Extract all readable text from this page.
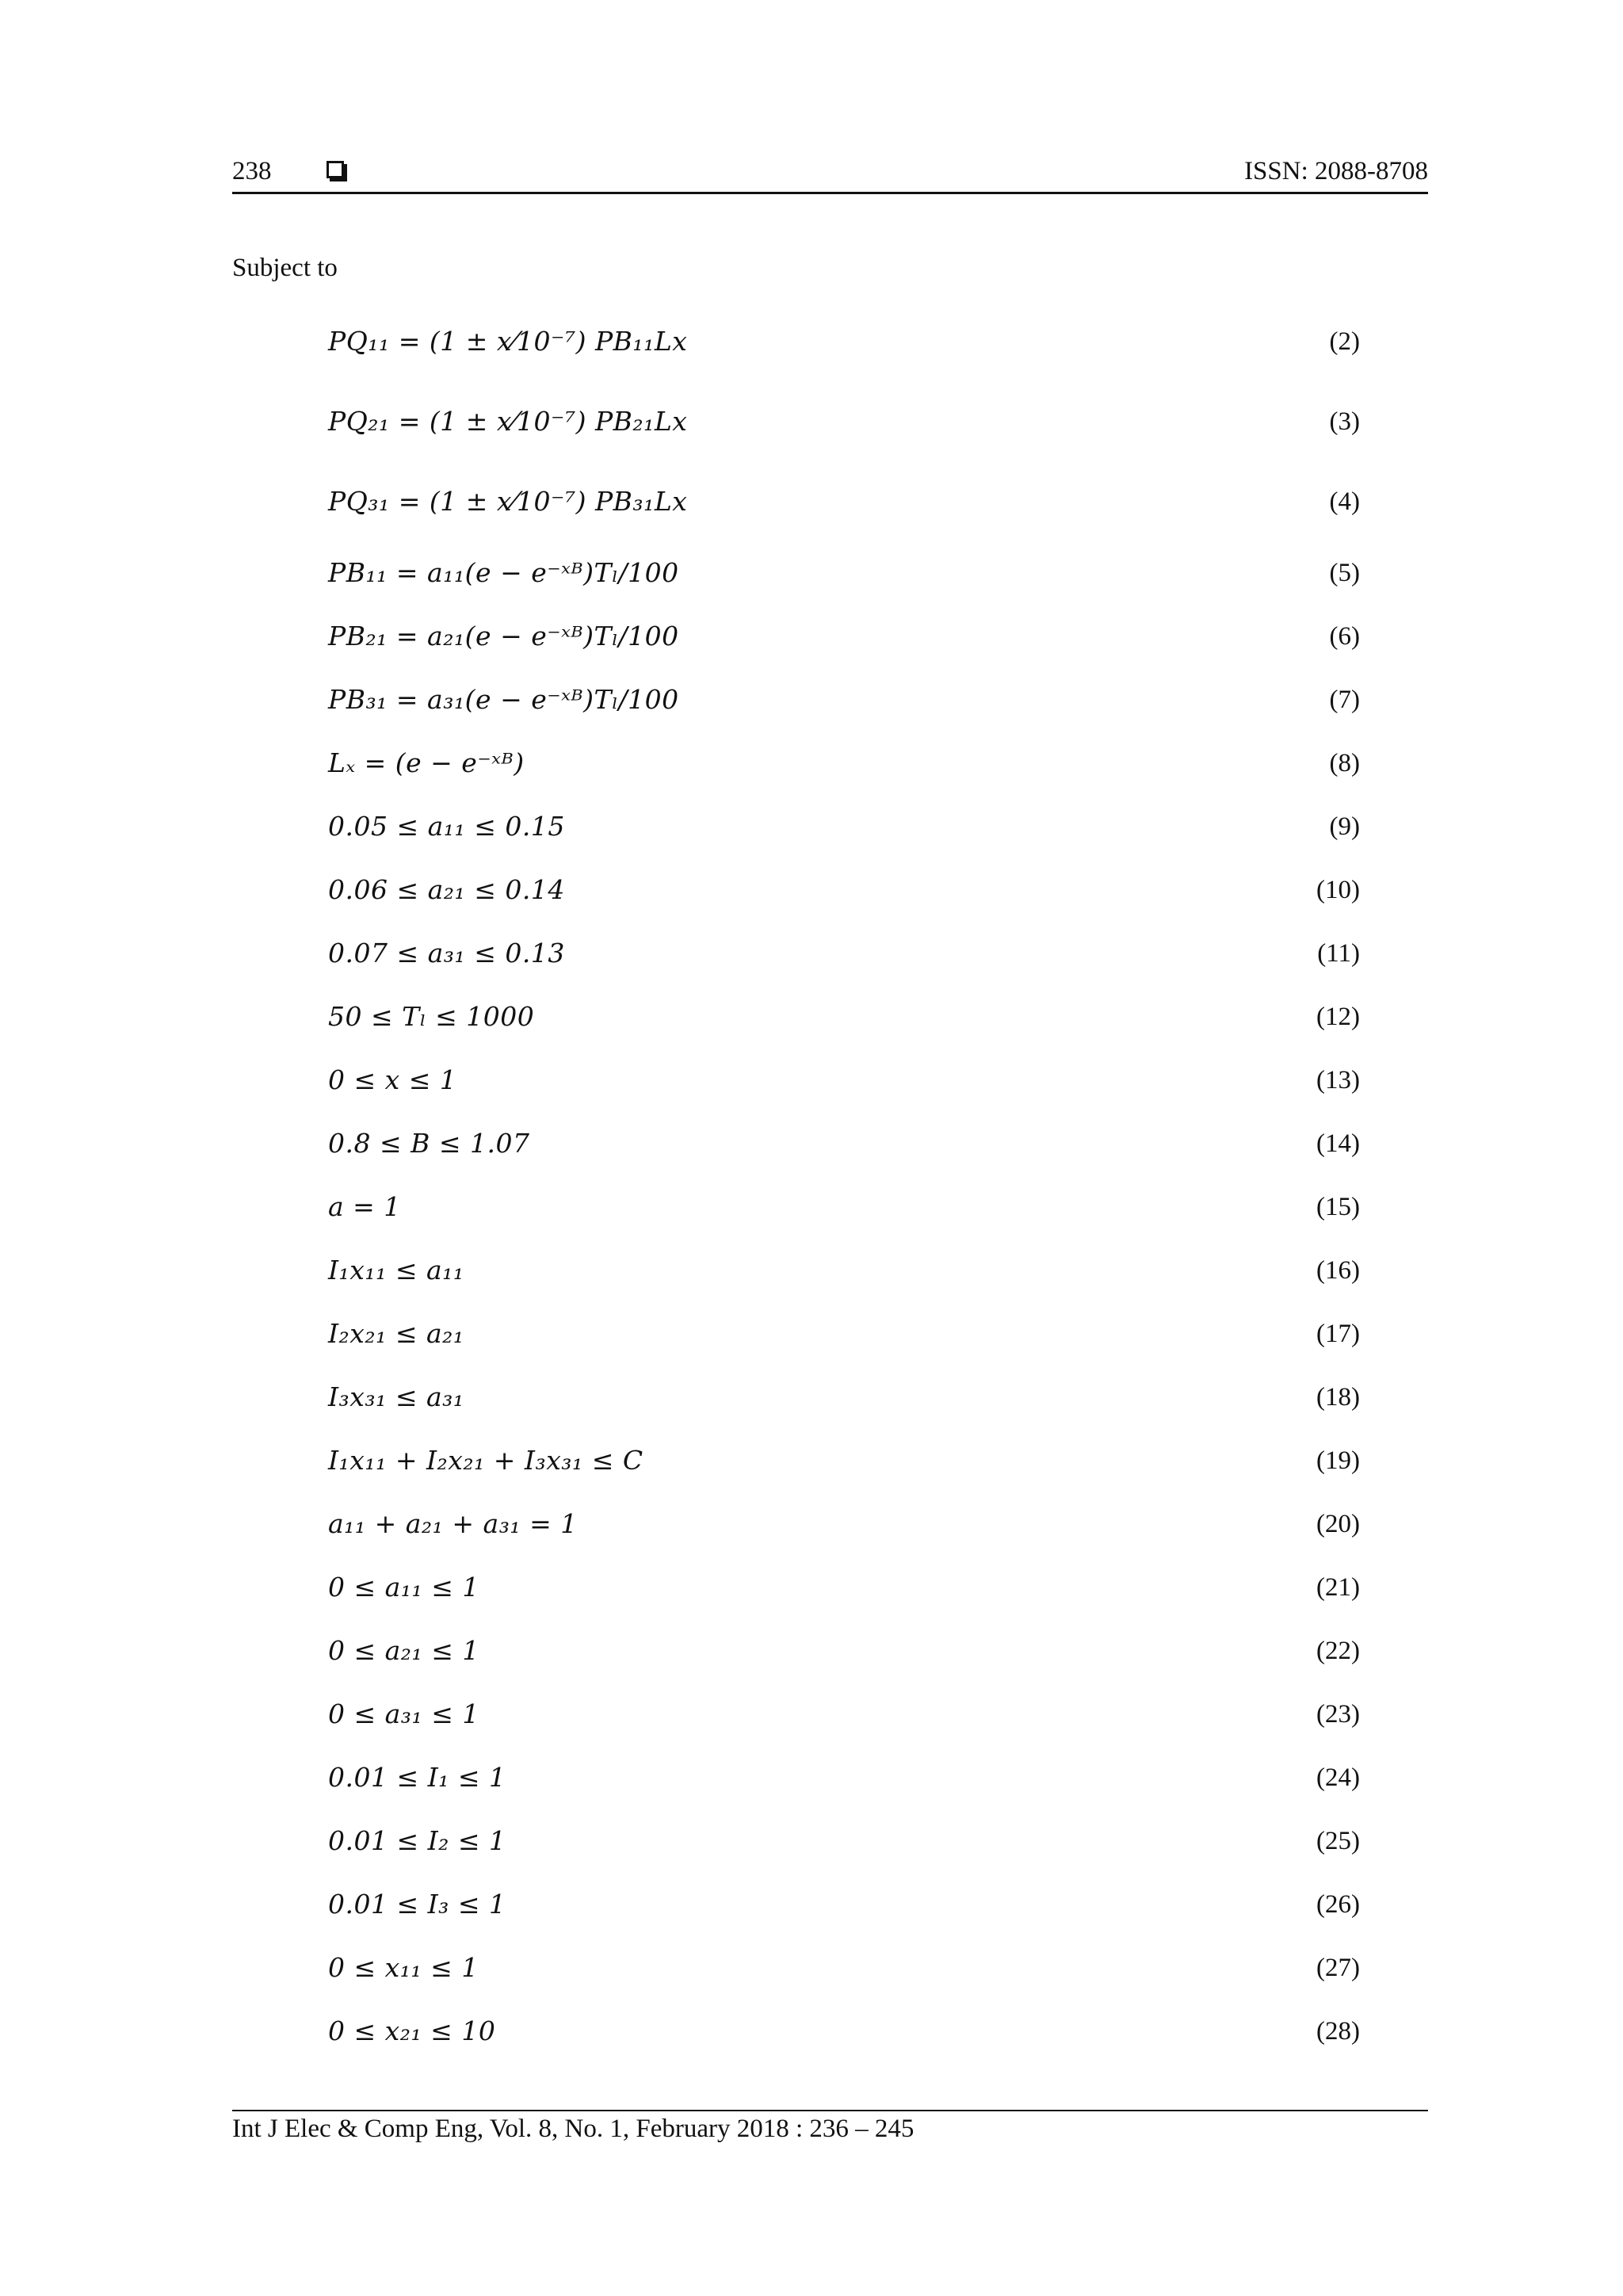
238	ISSN: 2088-8708
Subject to
PQ₁₁ = (1 ± x⁄10⁻⁷) PB₁₁Lx	(2)
PQ₂₁ = (1 ± x⁄10⁻⁷) PB₂₁Lx	(3)
PQ₃₁ = (1 ± x⁄10⁻⁷) PB₃₁Lx	(4)
PB₁₁ = a₁₁(e − e⁻ˣᴮ)Tₗ/100	(5)
PB₂₁ = a₂₁(e − e⁻ˣᴮ)Tₗ/100	(6)
PB₃₁ = a₃₁(e − e⁻ˣᴮ)Tₗ/100	(7)
Lₓ = (e − e⁻ˣᴮ)	(8)
0.05 ≤ a₁₁ ≤ 0.15	(9)
0.06 ≤ a₂₁ ≤ 0.14	(10)
0.07 ≤ a₃₁ ≤ 0.13	(11)
50 ≤ Tₗ ≤ 1000	(12)
0 ≤ x ≤ 1	(13)
0.8 ≤ B ≤ 1.07	(14)
a = 1	(15)
I₁x₁₁ ≤ a₁₁	(16)
I₂x₂₁ ≤ a₂₁	(17)
I₃x₃₁ ≤ a₃₁	(18)
I₁x₁₁ + I₂x₂₁ + I₃x₃₁ ≤ C	(19)
a₁₁ + a₂₁ + a₃₁ = 1	(20)
0 ≤ a₁₁ ≤ 1	(21)
0 ≤ a₂₁ ≤ 1	(22)
0 ≤ a₃₁ ≤ 1	(23)
0.01 ≤ I₁ ≤ 1	(24)
0.01 ≤ I₂ ≤ 1	(25)
0.01 ≤ I₃ ≤ 1	(26)
0 ≤ x₁₁ ≤ 1	(27)
0 ≤ x₂₁ ≤ 10	(28)
Int J Elec & Comp Eng, Vol. 8, No. 1, February 2018 : 236 – 245
